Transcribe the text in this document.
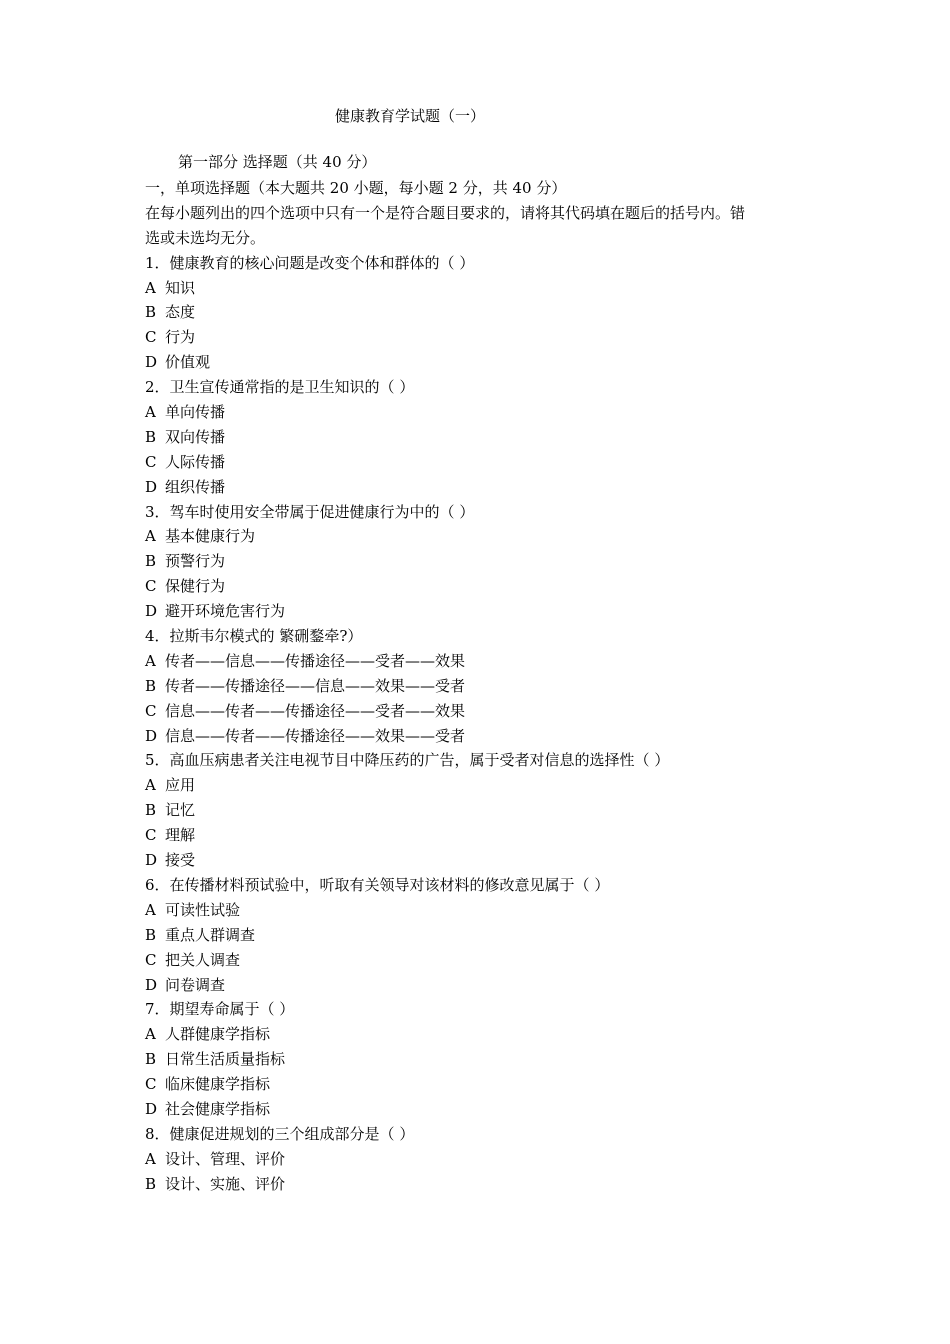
健康教育学试题（一）
第一部分 选择题（共 40 分）

一，单项选择题（本大题共 20 小题，每小题 2 分，共 40 分）

在每小题列出的四个选项中只有一个是符合题目要求的，请将其代码填在题后的括号内。错

选或未选均无分。

1．健康教育的核心问题是改变个体和群体的（ ）

A 知识

B 态度

C 行为

D 价值观

2．卫生宣传通常指的是卫生知识的（ ）

A 单向传播

B 双向传播

C 人际传播

D 组织传播

3．驾车时使用安全带属于促进健康行为中的（ ）

A 基本健康行为

B 预警行为

C 保健行为

D 避开环境危害行为

4．拉斯韦尔模式的 繁硎鍪牵?）

A 传者——信息——传播途径——受者——效果

B 传者——传播途径——信息——效果——受者

C 信息——传者——传播途径——受者——效果

D 信息——传者——传播途径——效果——受者

5．高血压病患者关注电视节目中降压药的广告，属于受者对信息的选择性（ ）

A 应用

B 记忆

C 理解

D 接受

6．在传播材料预试验中，听取有关领导对该材料的修改意见属于（ ）

A 可读性试验

B 重点人群调查

C 把关人调查

D 问卷调查

7．期望寿命属于（ ）

A 人群健康学指标

B 日常生活质量指标

C 临床健康学指标

D 社会健康学指标

8．健康促进规划的三个组成部分是（ ）

A 设计、管理、评价

B 设计、实施、评价
